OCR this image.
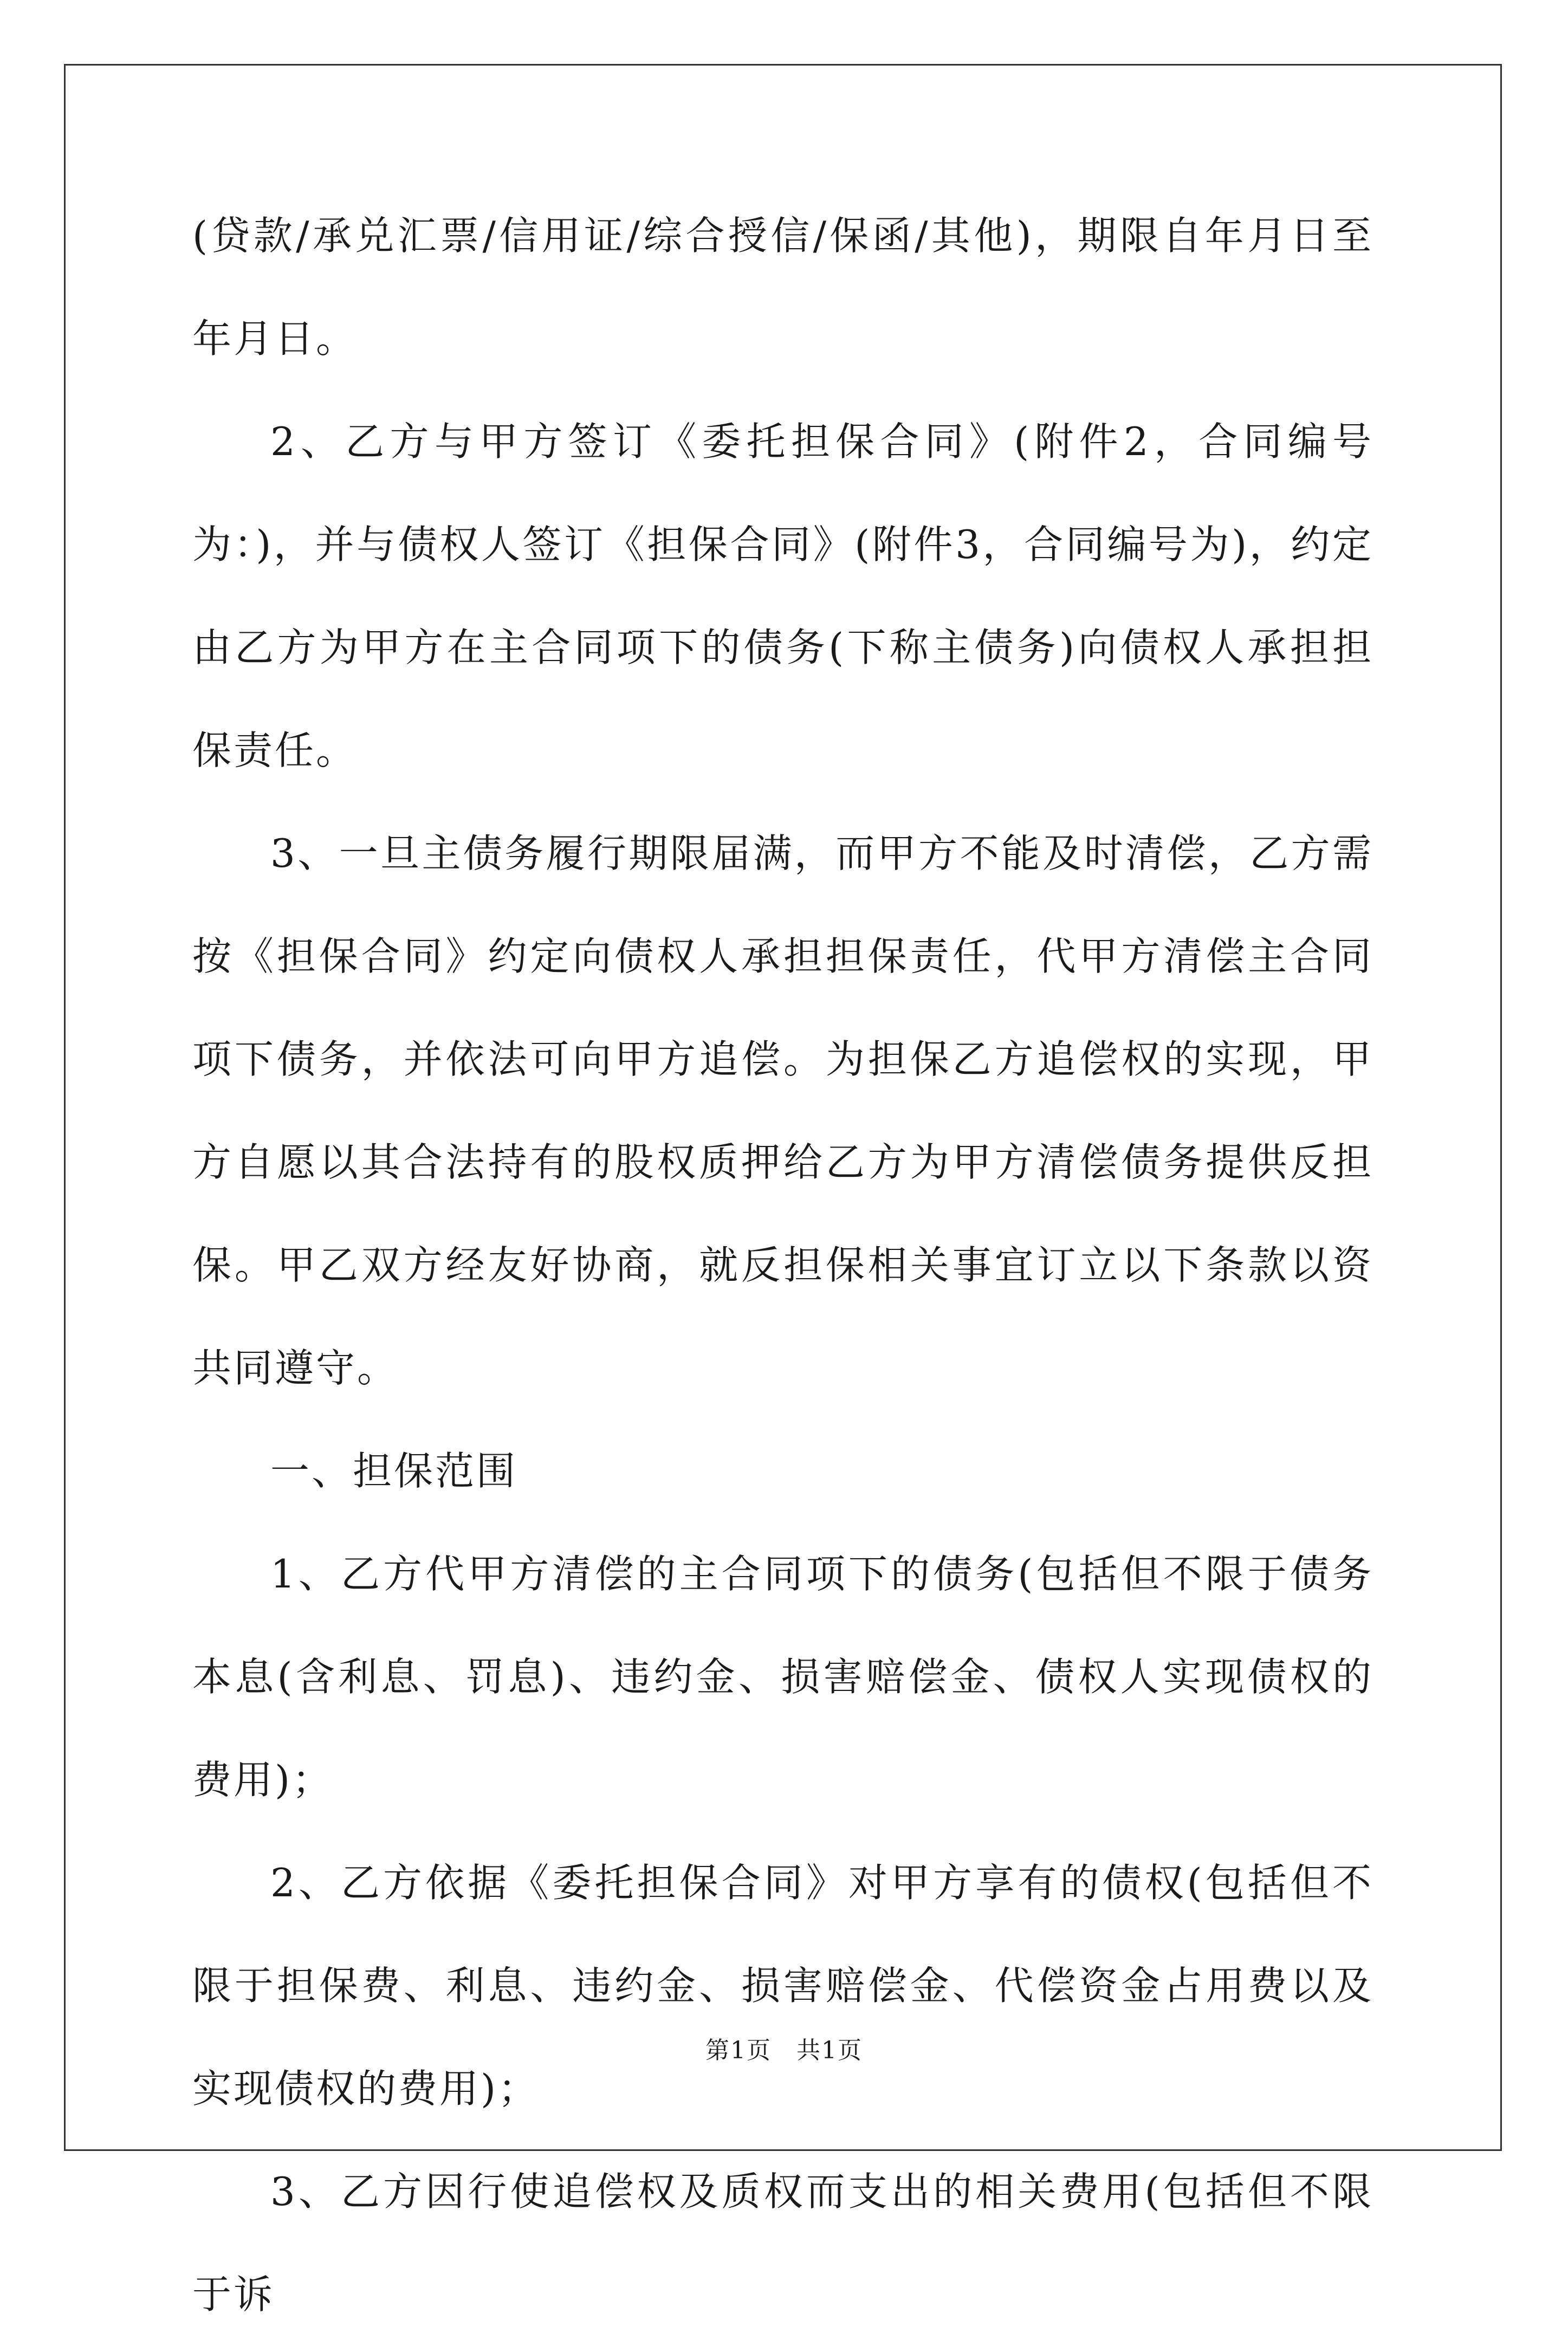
(贷款/承兑汇票/信用证/综合授信/保函/其他)，期限自年月日至年月日。

2、乙方与甲方签订《委托担保合同》(附件2，合同编号为：)，并与债权人签订《担保合同》(附件3，合同编号为)，约定由乙方为甲方在主合同项下的债务(下称主债务)向债权人承担担保责任。

3、一旦主债务履行期限届满，而甲方不能及时清偿，乙方需按《担保合同》约定向债权人承担担保责任，代甲方清偿主合同项下债务，并依法可向甲方追偿。为担保乙方追偿权的实现，甲方自愿以其合法持有的股权质押给乙方为甲方清偿债务提供反担保。甲乙双方经友好协商，就反担保相关事宜订立以下条款以资共同遵守。

一、担保范围

1、乙方代甲方清偿的主合同项下的债务(包括但不限于债务本息(含利息、罚息)、违约金、损害赔偿金、债权人实现债权的费用)；

2、乙方依据《委托担保合同》对甲方享有的债权(包括但不限于担保费、利息、违约金、损害赔偿金、代偿资金占用费以及实现债权的费用)；

3、乙方因行使追偿权及质权而支出的相关费用(包括但不限于诉

第1页　共1页
